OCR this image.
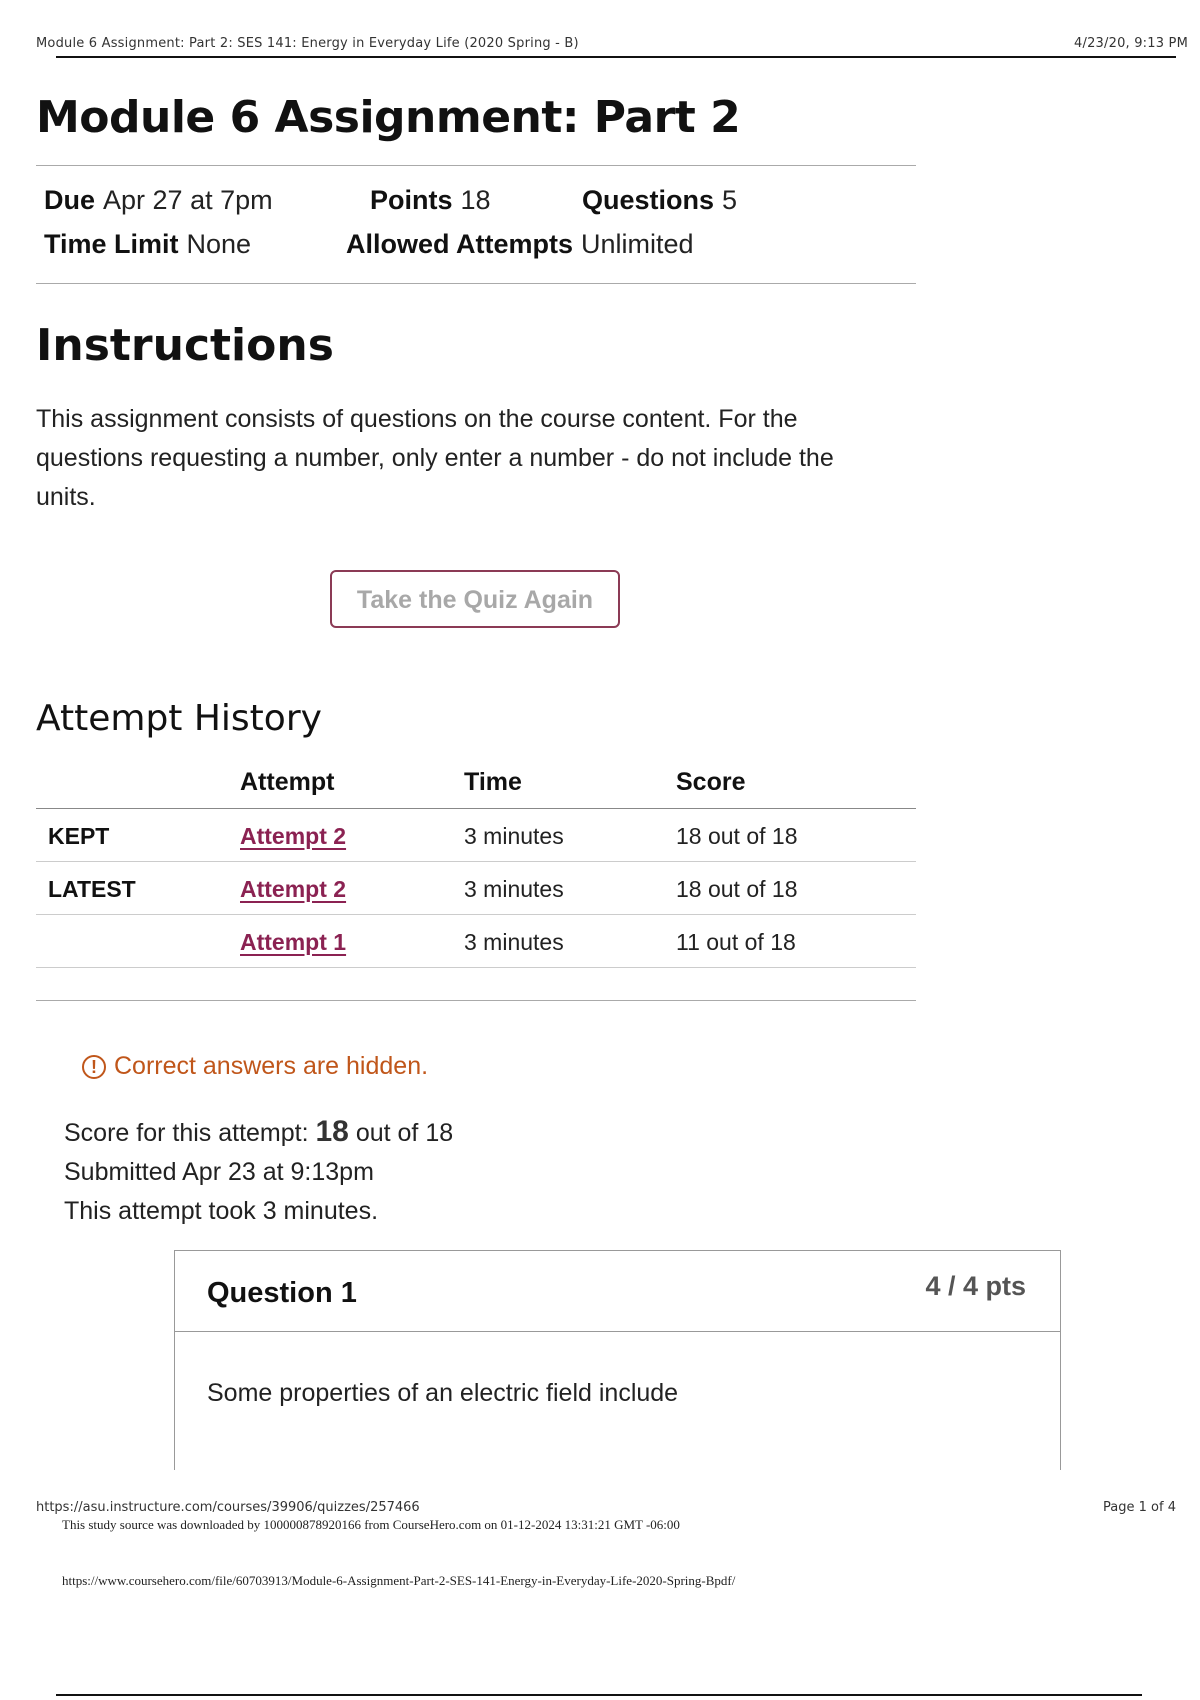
Module 6 Assignment: Part 2: SES 141: Energy in Everyday Life (2020 Spring - B)	4/23/20, 9:13 PM
Module 6 Assignment: Part 2
Due Apr 27 at 7pm	Points 18	Questions 5
Time Limit None	Allowed Attempts Unlimited
Instructions

This assignment consists of questions on the course content. For the questions requesting a number, only enter a number - do not include the units.

Take the Quiz Again
Attempt History
Attempt	Time	Score
KEPT	Attempt 2	3 minutes	18 out of 18
LATEST	Attempt 2	3 minutes	18 out of 18
Attempt 1	3 minutes	11 out of 18
! Correct answers are hidden.
Score for this attempt: 18 out of 18
Submitted Apr 23 at 9:13pm
This attempt took 3 minutes.
Question 1	4 / 4 pts
Some properties of an electric field include
https://asu.instructure.com/courses/39906/quizzes/257466	Page 1 of 4
This study source was downloaded by 100000878920166 from CourseHero.com on 01-12-2024 13:31:21 GMT -06:00
https://www.coursehero.com/file/60703913/Module-6-Assignment-Part-2-SES-141-Energy-in-Everyday-Life-2020-Spring-Bpdf/
